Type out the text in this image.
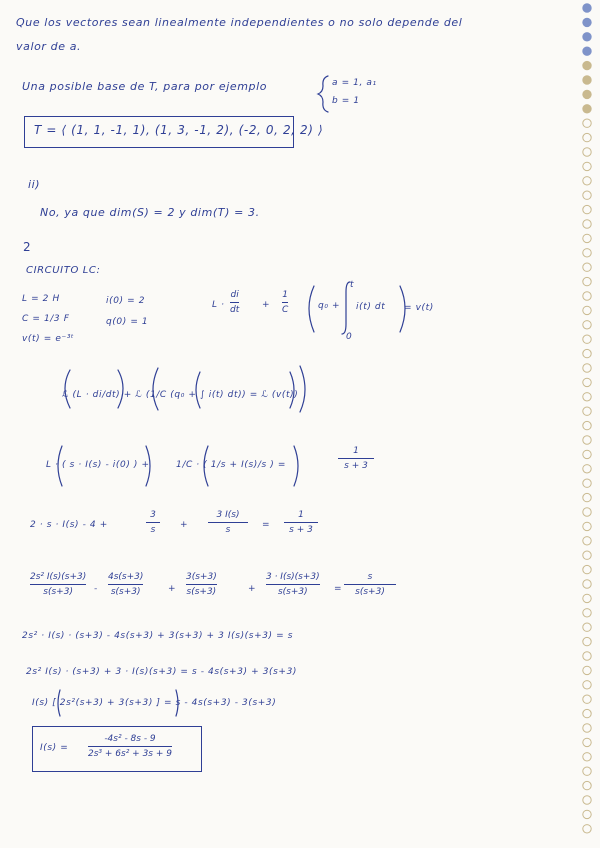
Que los vectores sean linealmente independientes o no solo depende del
valor de a.
Una posible base de T, para por ejemplo	a = 1, a₁
b = 1
T = ⟨ (1, 1, -1, 1), (1, 3, -1, 2), (-2, 0, 2, 2) ⟩
ii)
No, ya que dim(S) = 2 y dim(T) = 3.
2
CIRCUITO LC:
L = 2 H
C = 1/3 F
v(t) = e⁻³ᵗ
i(0) = 2
q(0) = 1
L ·
di
dt	+
1
C	q₀ +
t
0
i(t) dt = v(t)
ℒ (L · di/dt) + ℒ (1/C (q₀ + ∫ i(t) dt)) = ℒ (v(t))
L · ( s · I(s) - i(0) ) +	1/C · ( 1/s + I(s)/s ) =
1
s + 3
2 · s · I(s) - 4 +
3
s	+
3 I(s)
s	=
1
s + 3
2s² I(s)(s+3)
s(s+3) -
4s(s+3)
s(s+3)	+
3(s+3)
s(s+3)	+
3 · I(s)(s+3)
s(s+3)	=
s
s(s+3)
2s² · I(s) · (s+3) - 4s(s+3) + 3(s+3) + 3 I(s)(s+3) = s
2s² I(s) · (s+3) + 3 · I(s)(s+3) = s - 4s(s+3) + 3(s+3)
I(s) [ 2s²(s+3) + 3(s+3) ] = s - 4s(s+3) - 3(s+3)
I(s) =
-4s² - 8s - 9
2s³ + 6s² + 3s + 9
